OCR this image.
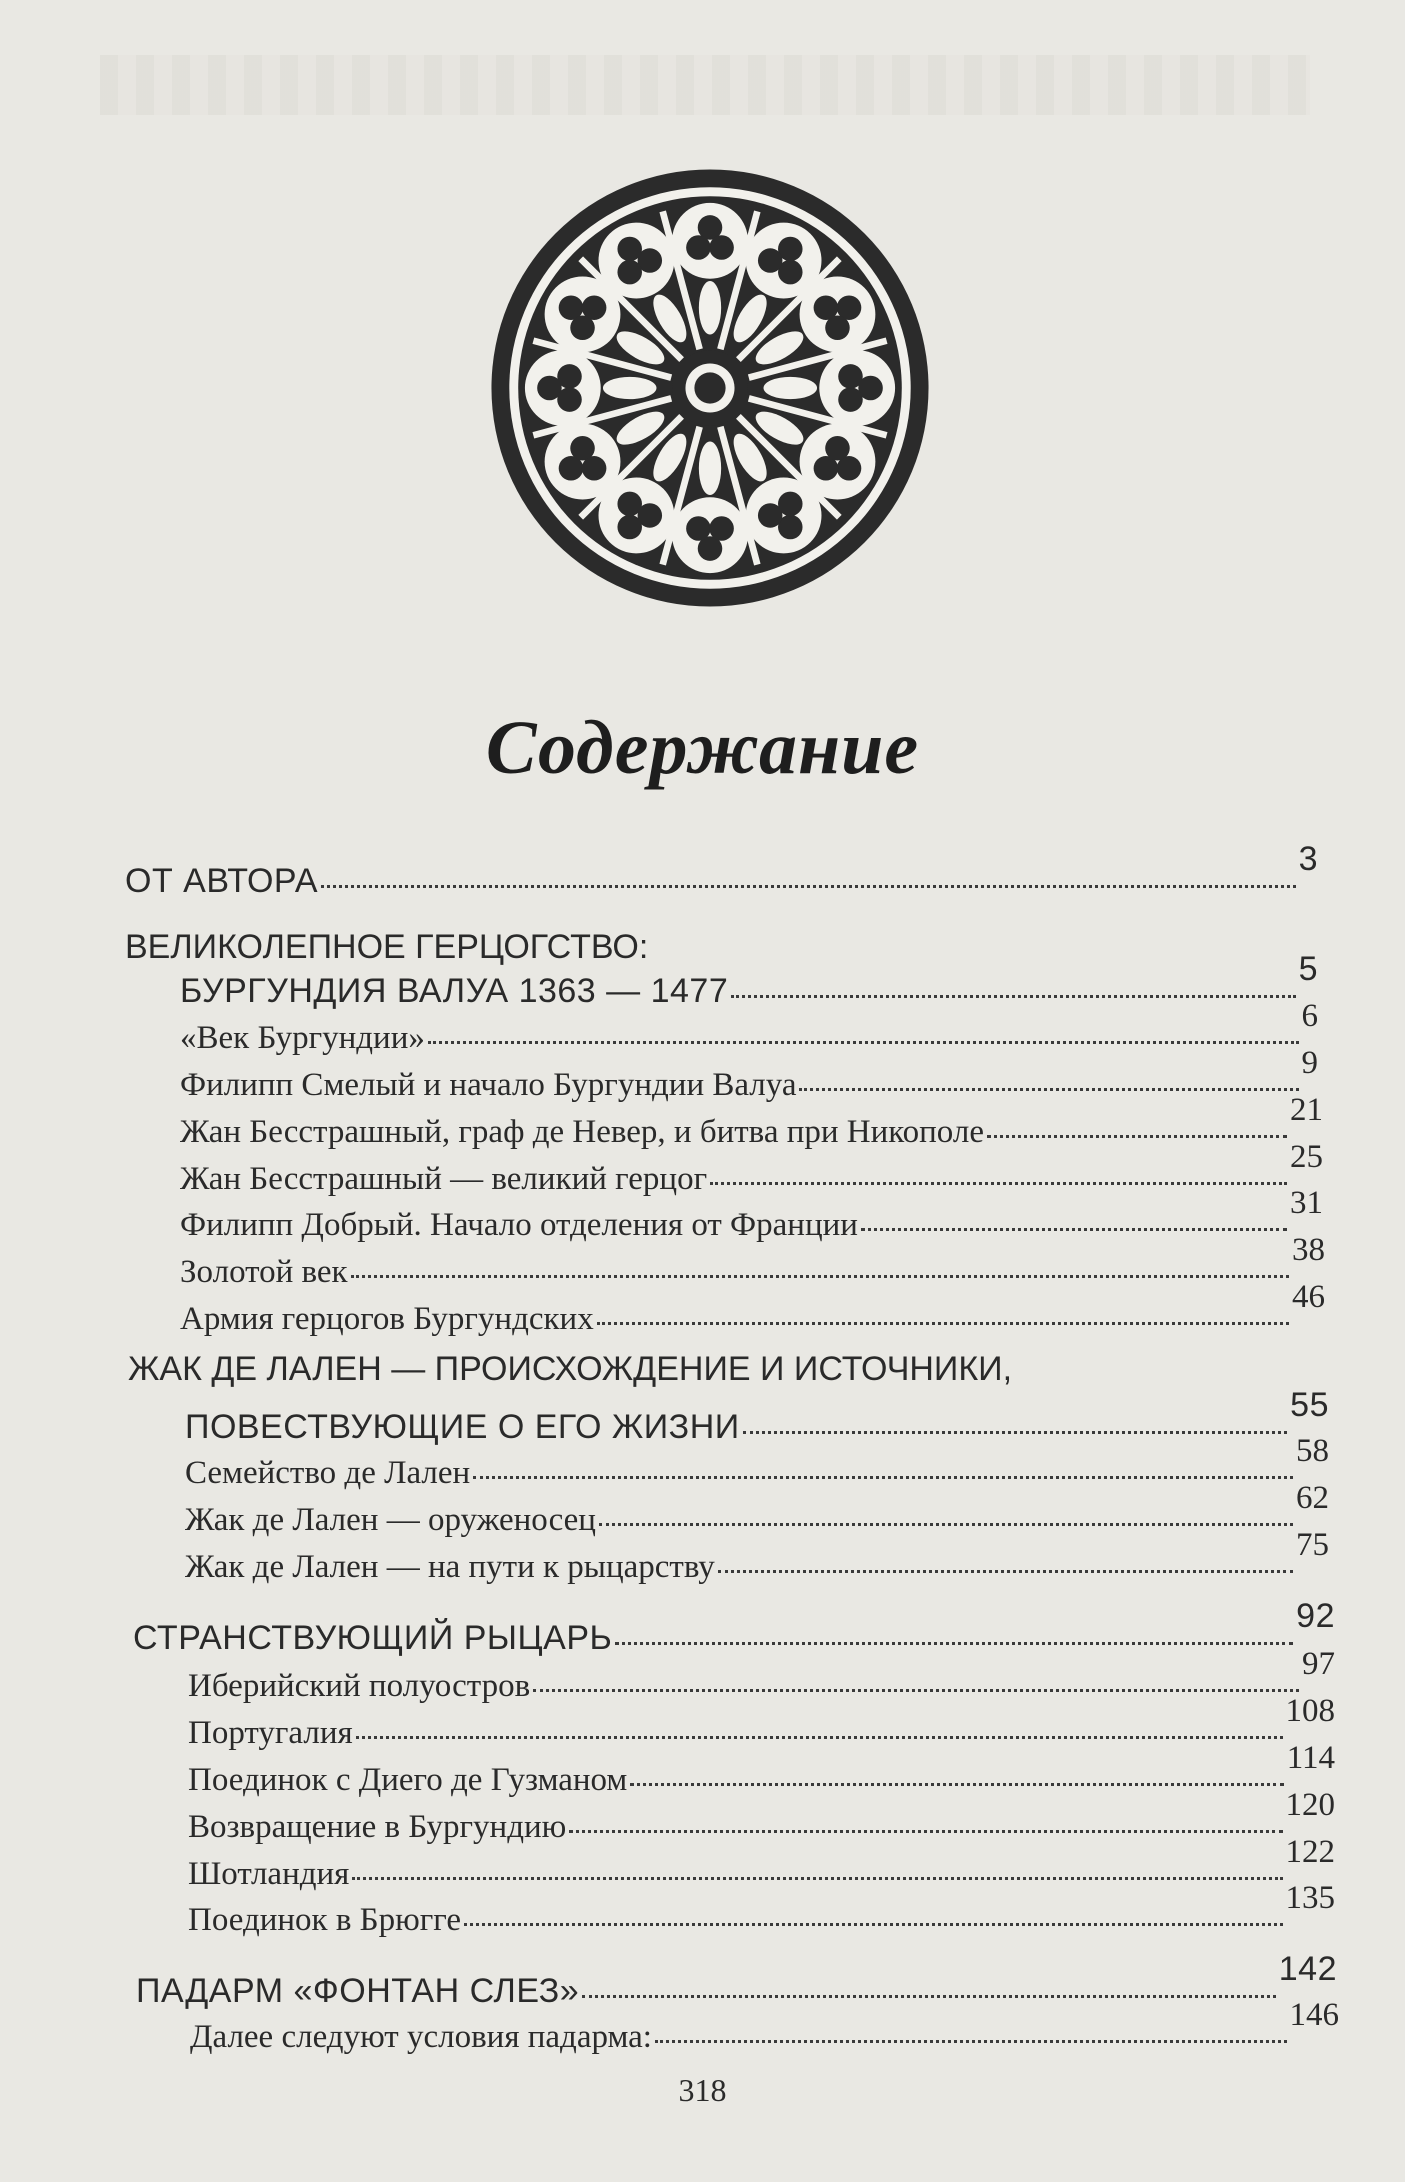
Содержание
ОТ АВТОРА
3
ВЕЛИКОЛЕПНОЕ ГЕРЦОГСТВО:
БУРГУНДИЯ ВАЛУА 1363 — 1477
5
«Век Бургундии»
6
Филипп Смелый и начало Бургундии Валуа
9
Жан Бесстрашный, граф де Невер, и битва при Никополе
21
Жан Бесстрашный — великий герцог
25
Филипп Добрый. Начало отделения от Франции
31
Золотой век
38
Армия герцогов Бургундских
46
ЖАК ДЕ ЛАЛЕН — ПРОИСХОЖДЕНИЕ И ИСТОЧНИКИ,
ПОВЕСТВУЮЩИЕ О ЕГО ЖИЗНИ
55
Семейство де Лален
58
Жак де Лален — оруженосец
62
Жак де Лален — на пути к рыцарству
75
СТРАНСТВУЮЩИЙ РЫЦАРЬ
92
Иберийский полуостров
97
Португалия
108
Поединок с Диего де Гузманом
114
Возвращение в Бургундию
120
Шотландия
122
Поединок в Брюгге
135
ПАДАРМ «ФОНТАН СЛЕЗ»
142
Далее следуют условия падарма:
146
318
